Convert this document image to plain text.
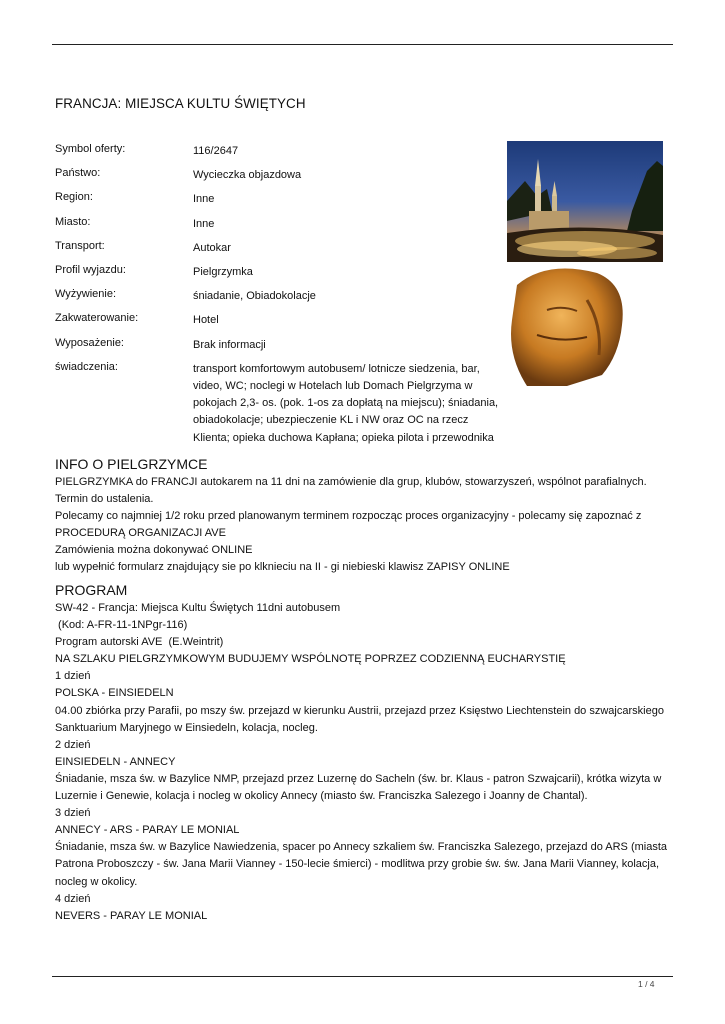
FRANCJA: MIEJSCA KULTU ŚWIĘTYCH
Symbol oferty:	116/2647
Państwo:	Wycieczka objazdowa
Region:	Inne
Miasto:	Inne
Transport:	Autokar
Profil wyjazdu:	Pielgrzymka
Wyżywienie:	śniadanie, Obiadokolacje
Zakwaterowanie:	Hotel
Wyposażenie:	Brak informacji
świadczenia:	transport komfortowym autobusem/ lotnicze siedzenia, bar, video, WC; noclegi w Hotelach lub Domach Pielgrzyma w pokojach 2,3- os. (pok. 1-os za dopłatą na miejscu); śniadania, obiadokolacje; ubezpieczenie KL i NW oraz OC na rzecz Klienta; opieka duchowa Kapłana; opieka pilota i przewodnika
INFO O PIELGRZYMCE
PIELGRZYMKA do FRANCJI autokarem na 11 dni na zamówienie dla grup, klubów, stowarzyszeń, wspólnot parafialnych.
Termin do ustalenia.
Polecamy co najmniej 1/2 roku przed planowanym terminem rozpocząc proces organizacyjny - polecamy się zapoznać z
PROCEDURĄ ORGANIZACJI AVE
Zamówienia można dokonywać ONLINE
lub wypełnić formularz znajdujący sie po klknieciu na II - gi niebieski klawisz ZAPISY ONLINE
PROGRAM
SW-42 - Francja: Miejsca Kultu Świętych 11dni autobusem
(Kod: A-FR-11-1NPgr-116)
Program autorski AVE  (E.Weintrit)
NA SZLAKU PIELGRZYMKOWYM BUDUJEMY WSPÓLNOTĘ POPRZEZ CODZIENNĄ EUCHARYSTIĘ
1 dzień
POLSKA - EINSIEDELN
04.00 zbiórka przy Parafii, po mszy św. przejazd w kierunku Austrii, przejazd przez Księstwo Liechtenstein do szwajcarskiego
Sanktuarium Maryjnego w Einsiedeln, kolacja, nocleg.
2 dzień
EINSIEDELN - ANNECY
Śniadanie, msza św. w Bazylice NMP, przejazd przez Luzernę do Sacheln (św. br. Klaus - patron Szwajcarii), krótka wizyta w
Luzernie i Genewie, kolacja i nocleg w okolicy Annecy (miasto św. Franciszka Salezego i Joanny de Chantal).
3 dzień
ANNECY - ARS - PARAY LE MONIAL
Śniadanie, msza św. w Bazylice Nawiedzenia, spacer po Annecy szkaliem św. Franciszka Salezego, przejazd do ARS (miasta
Patrona Proboszczy - św. Jana Marii Vianney - 150-lecie śmierci) - modlitwa przy grobie św. św. Jana Marii Vianney, kolacja,
nocleg w okolicy.
4 dzień
NEVERS - PARAY LE MONIAL
1 / 4
